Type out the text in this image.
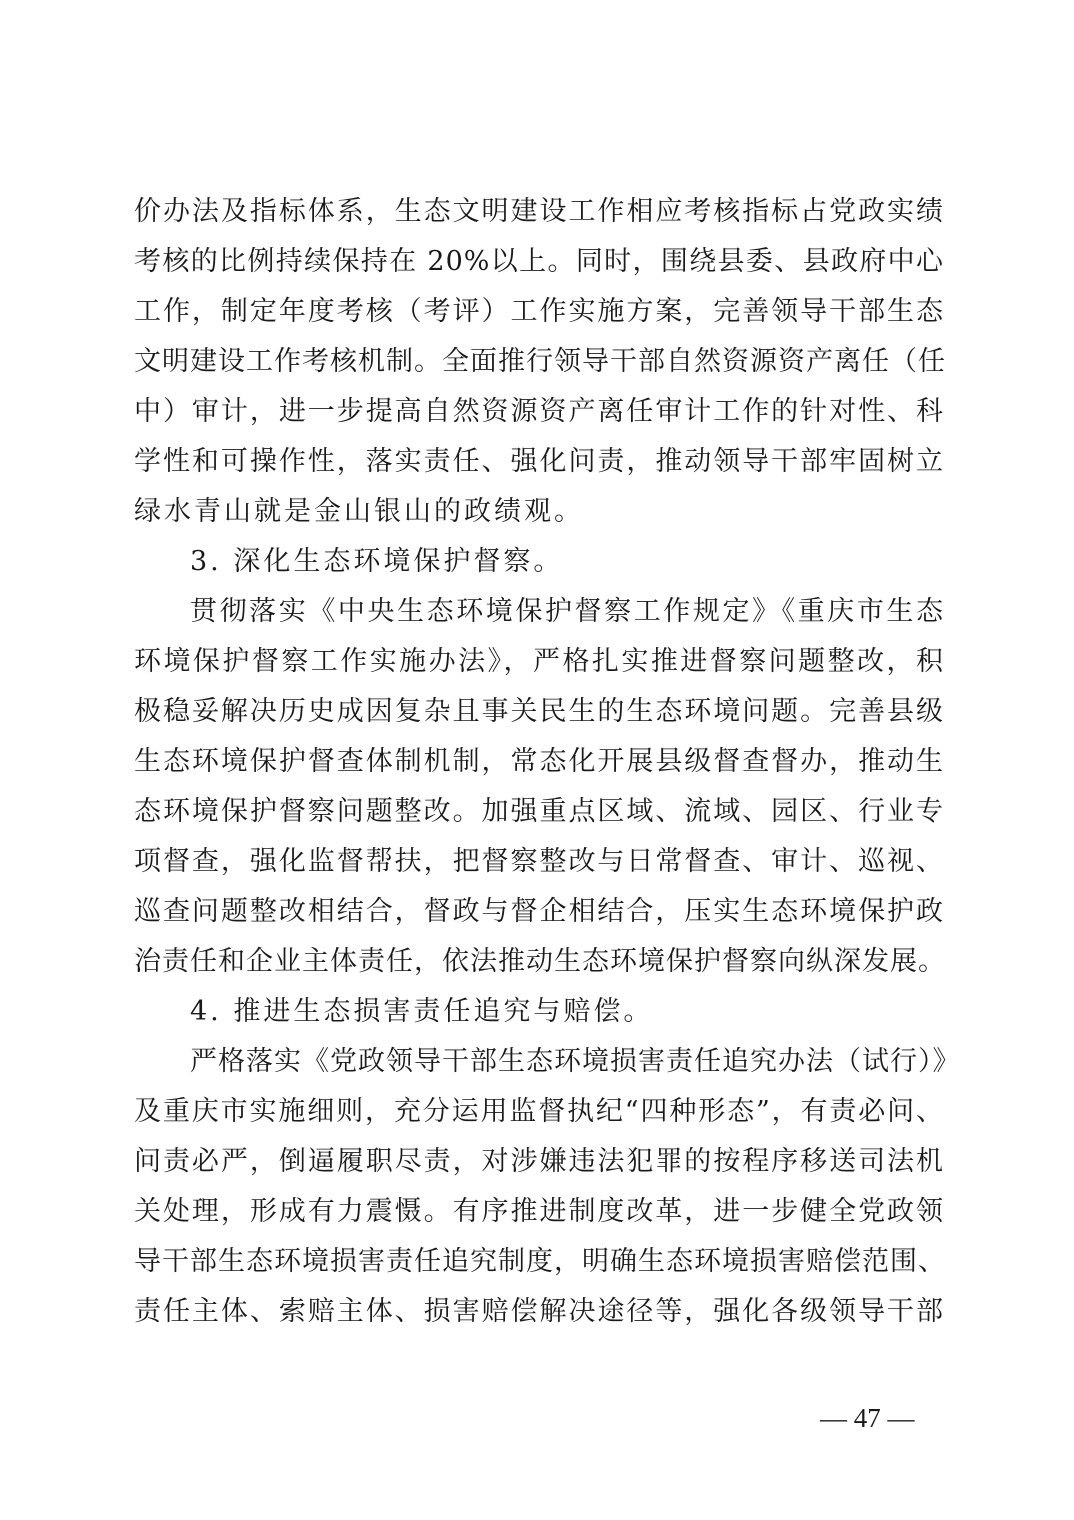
价办法及指标体系，生态文明建设工作相应考核指标占党政实绩
考核的比例持续保持在 20%以上。同时，围绕县委、县政府中心
工作，制定年度考核（考评）工作实施方案，完善领导干部生态
文明建设工作考核机制。全面推行领导干部自然资源资产离任（任
中）审计，进一步提高自然资源资产离任审计工作的针对性、科
学性和可操作性，落实责任、强化问责，推动领导干部牢固树立
绿水青山就是金山银山的政绩观。
3. 深化生态环境保护督察。
贯彻落实《中央生态环境保护督察工作规定》《重庆市生态
环境保护督察工作实施办法》，严格扎实推进督察问题整改，积
极稳妥解决历史成因复杂且事关民生的生态环境问题。完善县级
生态环境保护督查体制机制，常态化开展县级督查督办，推动生
态环境保护督察问题整改。加强重点区域、流域、园区、行业专
项督查，强化监督帮扶，把督察整改与日常督查、审计、巡视、
巡查问题整改相结合，督政与督企相结合，压实生态环境保护政
治责任和企业主体责任，依法推动生态环境保护督察向纵深发展。
4. 推进生态损害责任追究与赔偿。
严格落实《党政领导干部生态环境损害责任追究办法（试行）》
及重庆市实施细则，充分运用监督执纪“四种形态”，有责必问、
问责必严，倒逼履职尽责，对涉嫌违法犯罪的按程序移送司法机
关处理，形成有力震慑。有序推进制度改革，进一步健全党政领
导干部生态环境损害责任追究制度，明确生态环境损害赔偿范围、
责任主体、索赔主体、损害赔偿解决途径等，强化各级领导干部
— 47 —
